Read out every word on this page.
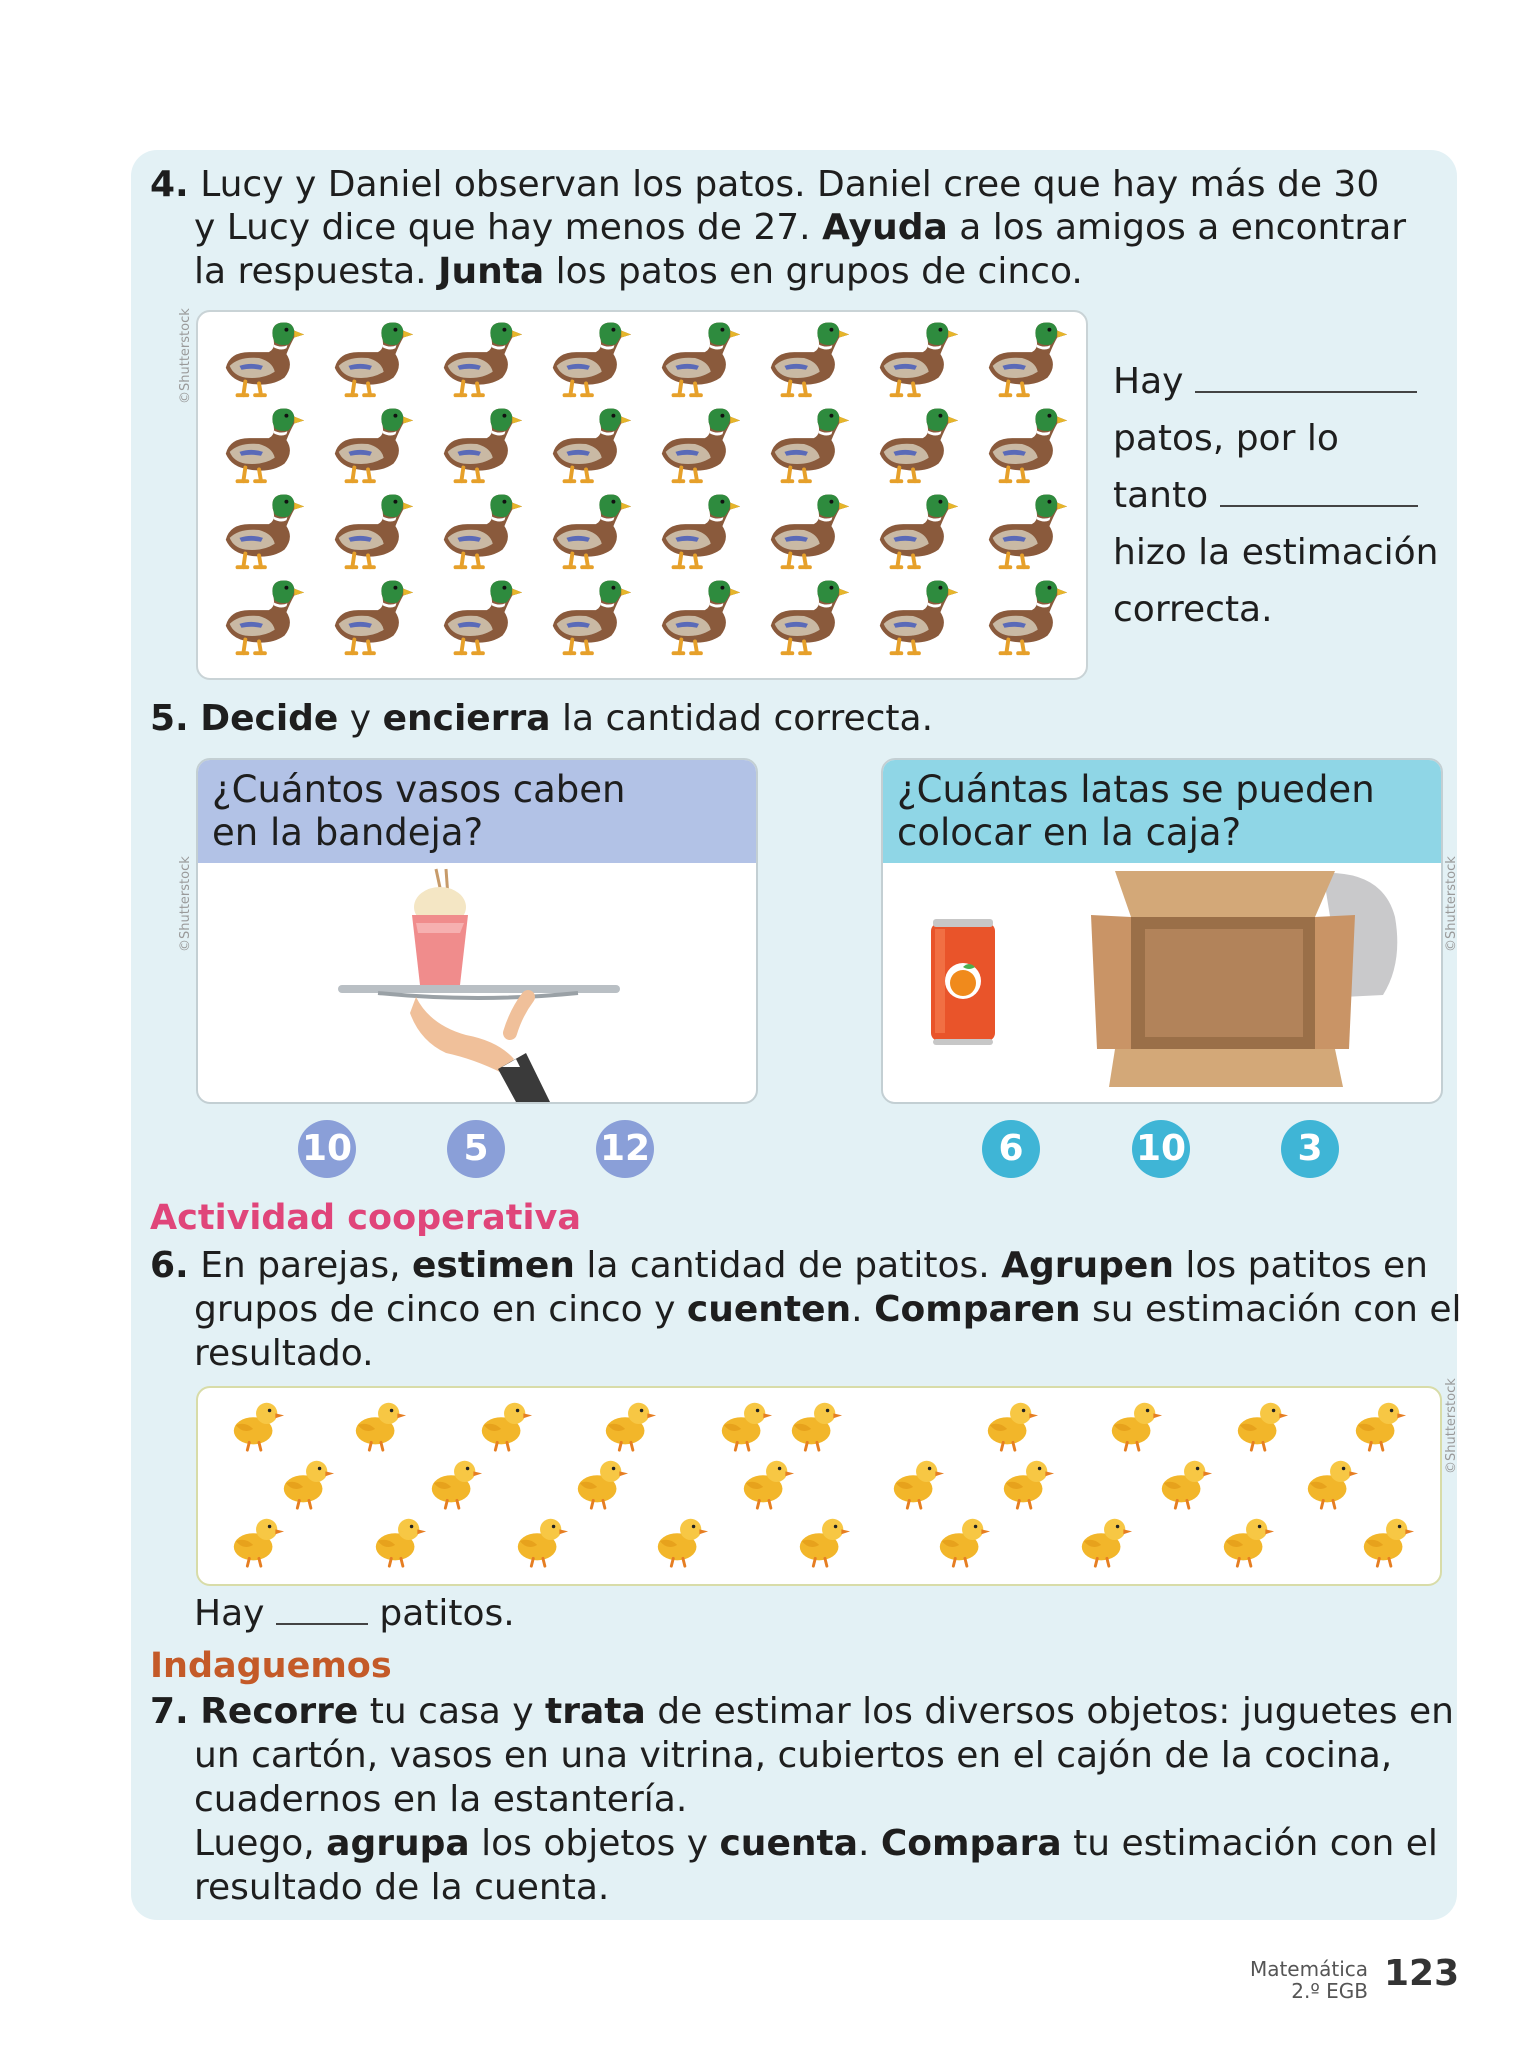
4. Lucy y Daniel observan los patos. Daniel cree que hay más de 30
y Lucy dice que hay menos de 27. Ayuda a los amigos a encontrar
la respuesta. Junta los patos en grupos de cinco.
©Shutterstock	Hay
patos, por lo
tanto
hizo la estimación
correcta.
5. Decide y encierra la cantidad correcta.
©Shutterstock	©Shutterstock
¿Cuántos vasos caben
en la bandeja?
¿Cuántas latas se pueden
colocar en la caja?
10	5	12	6	10	3
Actividad cooperativa
6. En parejas, estimen la cantidad de patitos. Agrupen los patitos en
grupos de cinco en cinco y cuenten. Comparen su estimación con el
resultado.
©Shutterstock
Hay	patitos.
Indaguemos
7. Recorre tu casa y trata de estimar los diversos objetos: juguetes en
un cartón, vasos en una vitrina, cubiertos en el cajón de la cocina,
cuadernos en la estantería.
Luego, agrupa los objetos y cuenta. Compara tu estimación con el
resultado de la cuenta.
Matemática
2.º EGB 123
